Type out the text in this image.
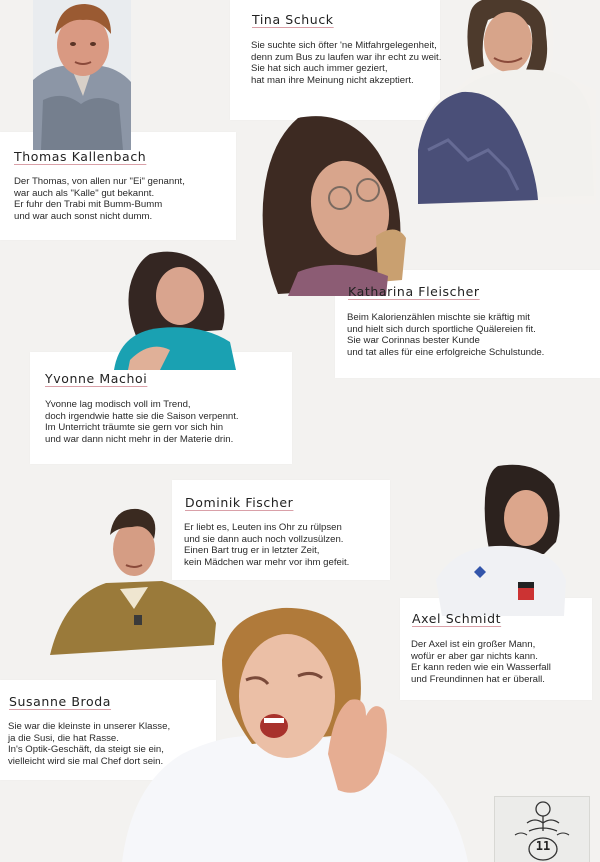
11
Tina Schuck
Sie suchte sich öfter 'ne Mitfahrgelegenheit,
denn zum Bus zu laufen war ihr echt zu weit.
Sie hat sich auch immer geziert,
hat man ihre Meinung nicht akzeptiert.
Thomas Kallenbach
Der Thomas, von allen nur "Ei" genannt,
war auch als "Kalle" gut bekannt.
Er fuhr den Trabi mit Bumm-Bumm
und war auch sonst nicht dumm.
Katharina Fleischer
Beim Kalorienzählen mischte sie kräftig mit
und hielt sich durch sportliche Quälereien fit.
Sie war Corinnas bester Kunde
und tat alles für eine erfolgreiche Schulstunde.
Yvonne Machoi
Yvonne lag modisch voll im Trend,
doch irgendwie hatte sie die Saison verpennt.
Im Unterricht träumte sie gern vor sich hin
und war dann nicht mehr in der Materie drin.
Dominik Fischer
Er liebt es, Leuten ins Ohr zu rülpsen
und sie dann auch noch vollzusülzen.
Einen Bart trug er in letzter Zeit,
kein Mädchen war mehr vor ihm gefeit.
Axel Schmidt
Der Axel ist ein großer Mann,
wofür er aber gar nichts kann.
Er kann reden wie ein Wasserfall
und Freundinnen hat er überall.
Susanne Broda
Sie war die kleinste in unserer Klasse,
ja die Susi, die hat Rasse.
In's Optik-Geschäft, da steigt sie ein,
vielleicht wird sie mal Chef dort sein.
